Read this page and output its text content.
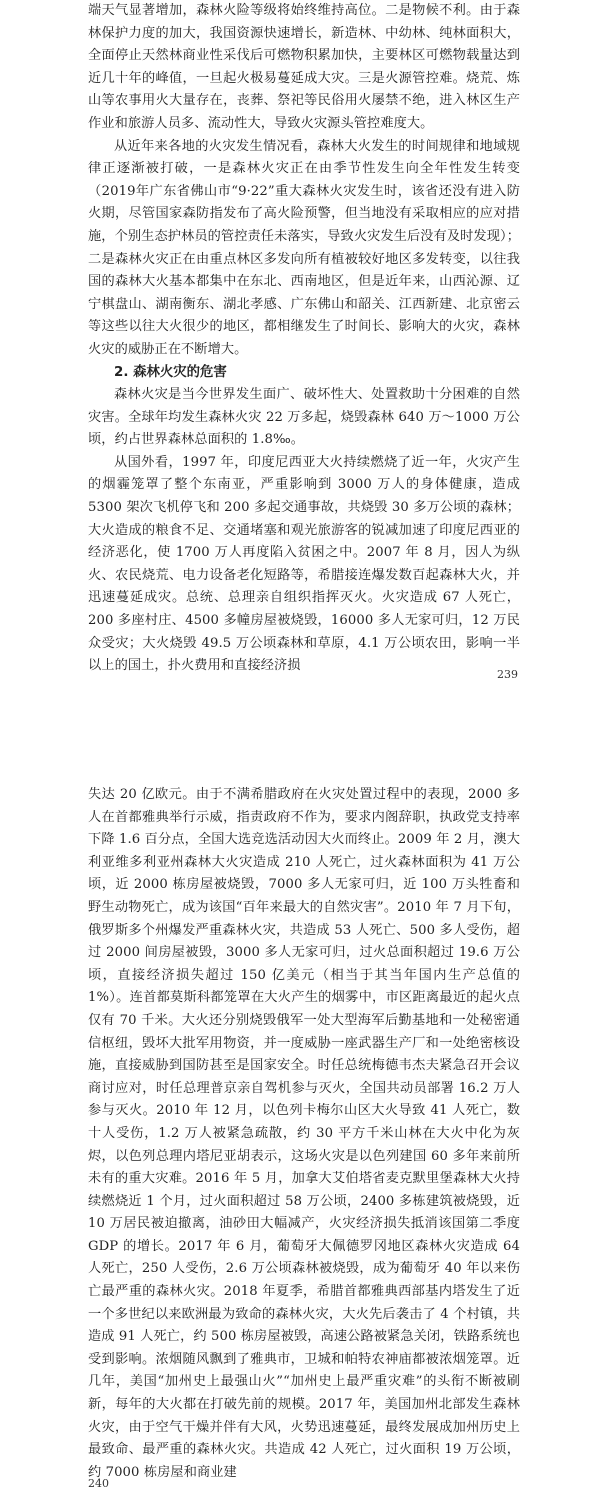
端天气显著增加，森林火险等级将始终维持高位。二是物候不利。由于森林保护力度的加大，我国资源快速增长，新造林、中幼林、纯林面积大，全面停止天然林商业性采伐后可燃物积累加快，主要林区可燃物载量达到近几十年的峰值，一旦起火极易蔓延成大灾。三是火源管控难。烧荒、炼山等农事用火大量存在，丧葬、祭祀等民俗用火屡禁不绝，进入林区生产作业和旅游人员多、流动性大，导致火灾源头管控难度大。

从近年来各地的火灾发生情况看，森林大火发生的时间规律和地域规律正逐渐被打破，一是森林火灾正在由季节性发生向全年性发生转变（2019年广东省佛山市“9·22”重大森林火灾发生时，该省还没有进入防火期，尽管国家森防指发布了高火险预警，但当地没有采取相应的应对措施，个别生态护林员的管控责任未落实，导致火灾发生后没有及时发现）；二是森林火灾正在由重点林区多发向所有植被较好地区多发转变，以往我国的森林大火基本都集中在东北、西南地区，但是近年来，山西沁源、辽宁棋盘山、湖南衡东、湖北孝感、广东佛山和韶关、江西新建、北京密云等这些以往大火很少的地区，都相继发生了时间长、影响大的火灾，森林火灾的威胁正在不断增大。

2. 森林火灾的危害

森林火灾是当今世界发生面广、破坏性大、处置救助十分困难的自然灾害。全球年均发生森林火灾 22 万多起，烧毁森林 640 万～1000 万公顷，约占世界森林总面积的 1.8‰。

从国外看，1997 年，印度尼西亚大火持续燃烧了近一年，火灾产生的烟霾笼罩了整个东南亚，严重影响到 3000 万人的身体健康，造成 5300 架次飞机停飞和 200 多起交通事故，共烧毁 30 多万公顷的森林；大火造成的粮食不足、交通堵塞和观光旅游客的锐减加速了印度尼西亚的经济恶化，使 1700 万人再度陷入贫困之中。2007 年 8 月，因人为纵火、农民烧荒、电力设备老化短路等，希腊接连爆发数百起森林大火，并迅速蔓延成灾。总统、总理亲自组织指挥灭火。火灾造成 67 人死亡，200 多座村庄、4500 多幢房屋被烧毁，16000 多人无家可归，12 万民众受灾；大火烧毁 49.5 万公顷森林和草原，4.1 万公顷农田，影响一半以上的国土，扑火费用和直接经济损

239

失达 20 亿欧元。由于不满希腊政府在火灾处置过程中的表现，2000 多人在首都雅典举行示威，指责政府不作为，要求内阁辞职，执政党支持率下降 1.6 百分点，全国大选竞选活动因大火而终止。2009 年 2 月，澳大利亚维多利亚州森林大火灾造成 210 人死亡，过火森林面积为 41 万公顷，近 2000 栋房屋被烧毁，7000 多人无家可归，近 100 万头牲畜和野生动物死亡，成为该国“百年来最大的自然灾害”。2010 年 7 月下旬，俄罗斯多个州爆发严重森林火灾，共造成 53 人死亡、500 多人受伤，超过 2000 间房屋被毁，3000 多人无家可归，过火总面积超过 19.6 万公顷，直接经济损失超过 150 亿美元（相当于其当年国内生产总值的 1%）。连首都莫斯科都笼罩在大火产生的烟雾中，市区距离最近的起火点仅有 70 千米。大火还分别烧毁俄军一处大型海军后勤基地和一处秘密通信枢纽，毁坏大批军用物资，并一度威胁一座武器生产厂和一处绝密核设施，直接威胁到国防甚至是国家安全。时任总统梅德韦杰夫紧急召开会议商讨应对，时任总理普京亲自驾机参与灭火，全国共动员部署 16.2 万人参与灭火。2010 年 12 月，以色列卡梅尔山区大火导致 41 人死亡，数十人受伤，1.2 万人被紧急疏散，约 30 平方千米山林在大火中化为灰烬，以色列总理内塔尼亚胡表示，这场火灾是以色列建国 60 多年来前所未有的重大灾难。2016 年 5 月，加拿大艾伯塔省麦克默里堡森林大火持续燃烧近 1 个月，过火面积超过 58 万公顷，2400 多栋建筑被烧毁，近 10 万居民被迫撤离，油砂田大幅减产，火灾经济损失抵消该国第二季度 GDP 的增长。2017 年 6 月，葡萄牙大佩德罗冈地区森林火灾造成 64 人死亡，250 人受伤，2.6 万公顷森林被烧毁，成为葡萄牙 40 年以来伤亡最严重的森林火灾。2018 年夏季，希腊首都雅典西部基内塔发生了近一个多世纪以来欧洲最为致命的森林火灾，大火先后袭击了 4 个村镇，共造成 91 人死亡，约 500 栋房屋被毁，高速公路被紧急关闭，铁路系统也受到影响。浓烟随风飘到了雅典市，卫城和帕特农神庙都被浓烟笼罩。近几年，美国“加州史上最强山火”“加州史上最严重灾难”的头衔不断被刷新，每年的大火都在打破先前的规模。2017 年，美国加州北部发生森林火灾，由于空气干燥并伴有大风，火势迅速蔓延，最终发展成加州历史上最致命、最严重的森林火灾。共造成 42 人死亡，过火面积 19 万公顷，约 7000 栋房屋和商业建

240
